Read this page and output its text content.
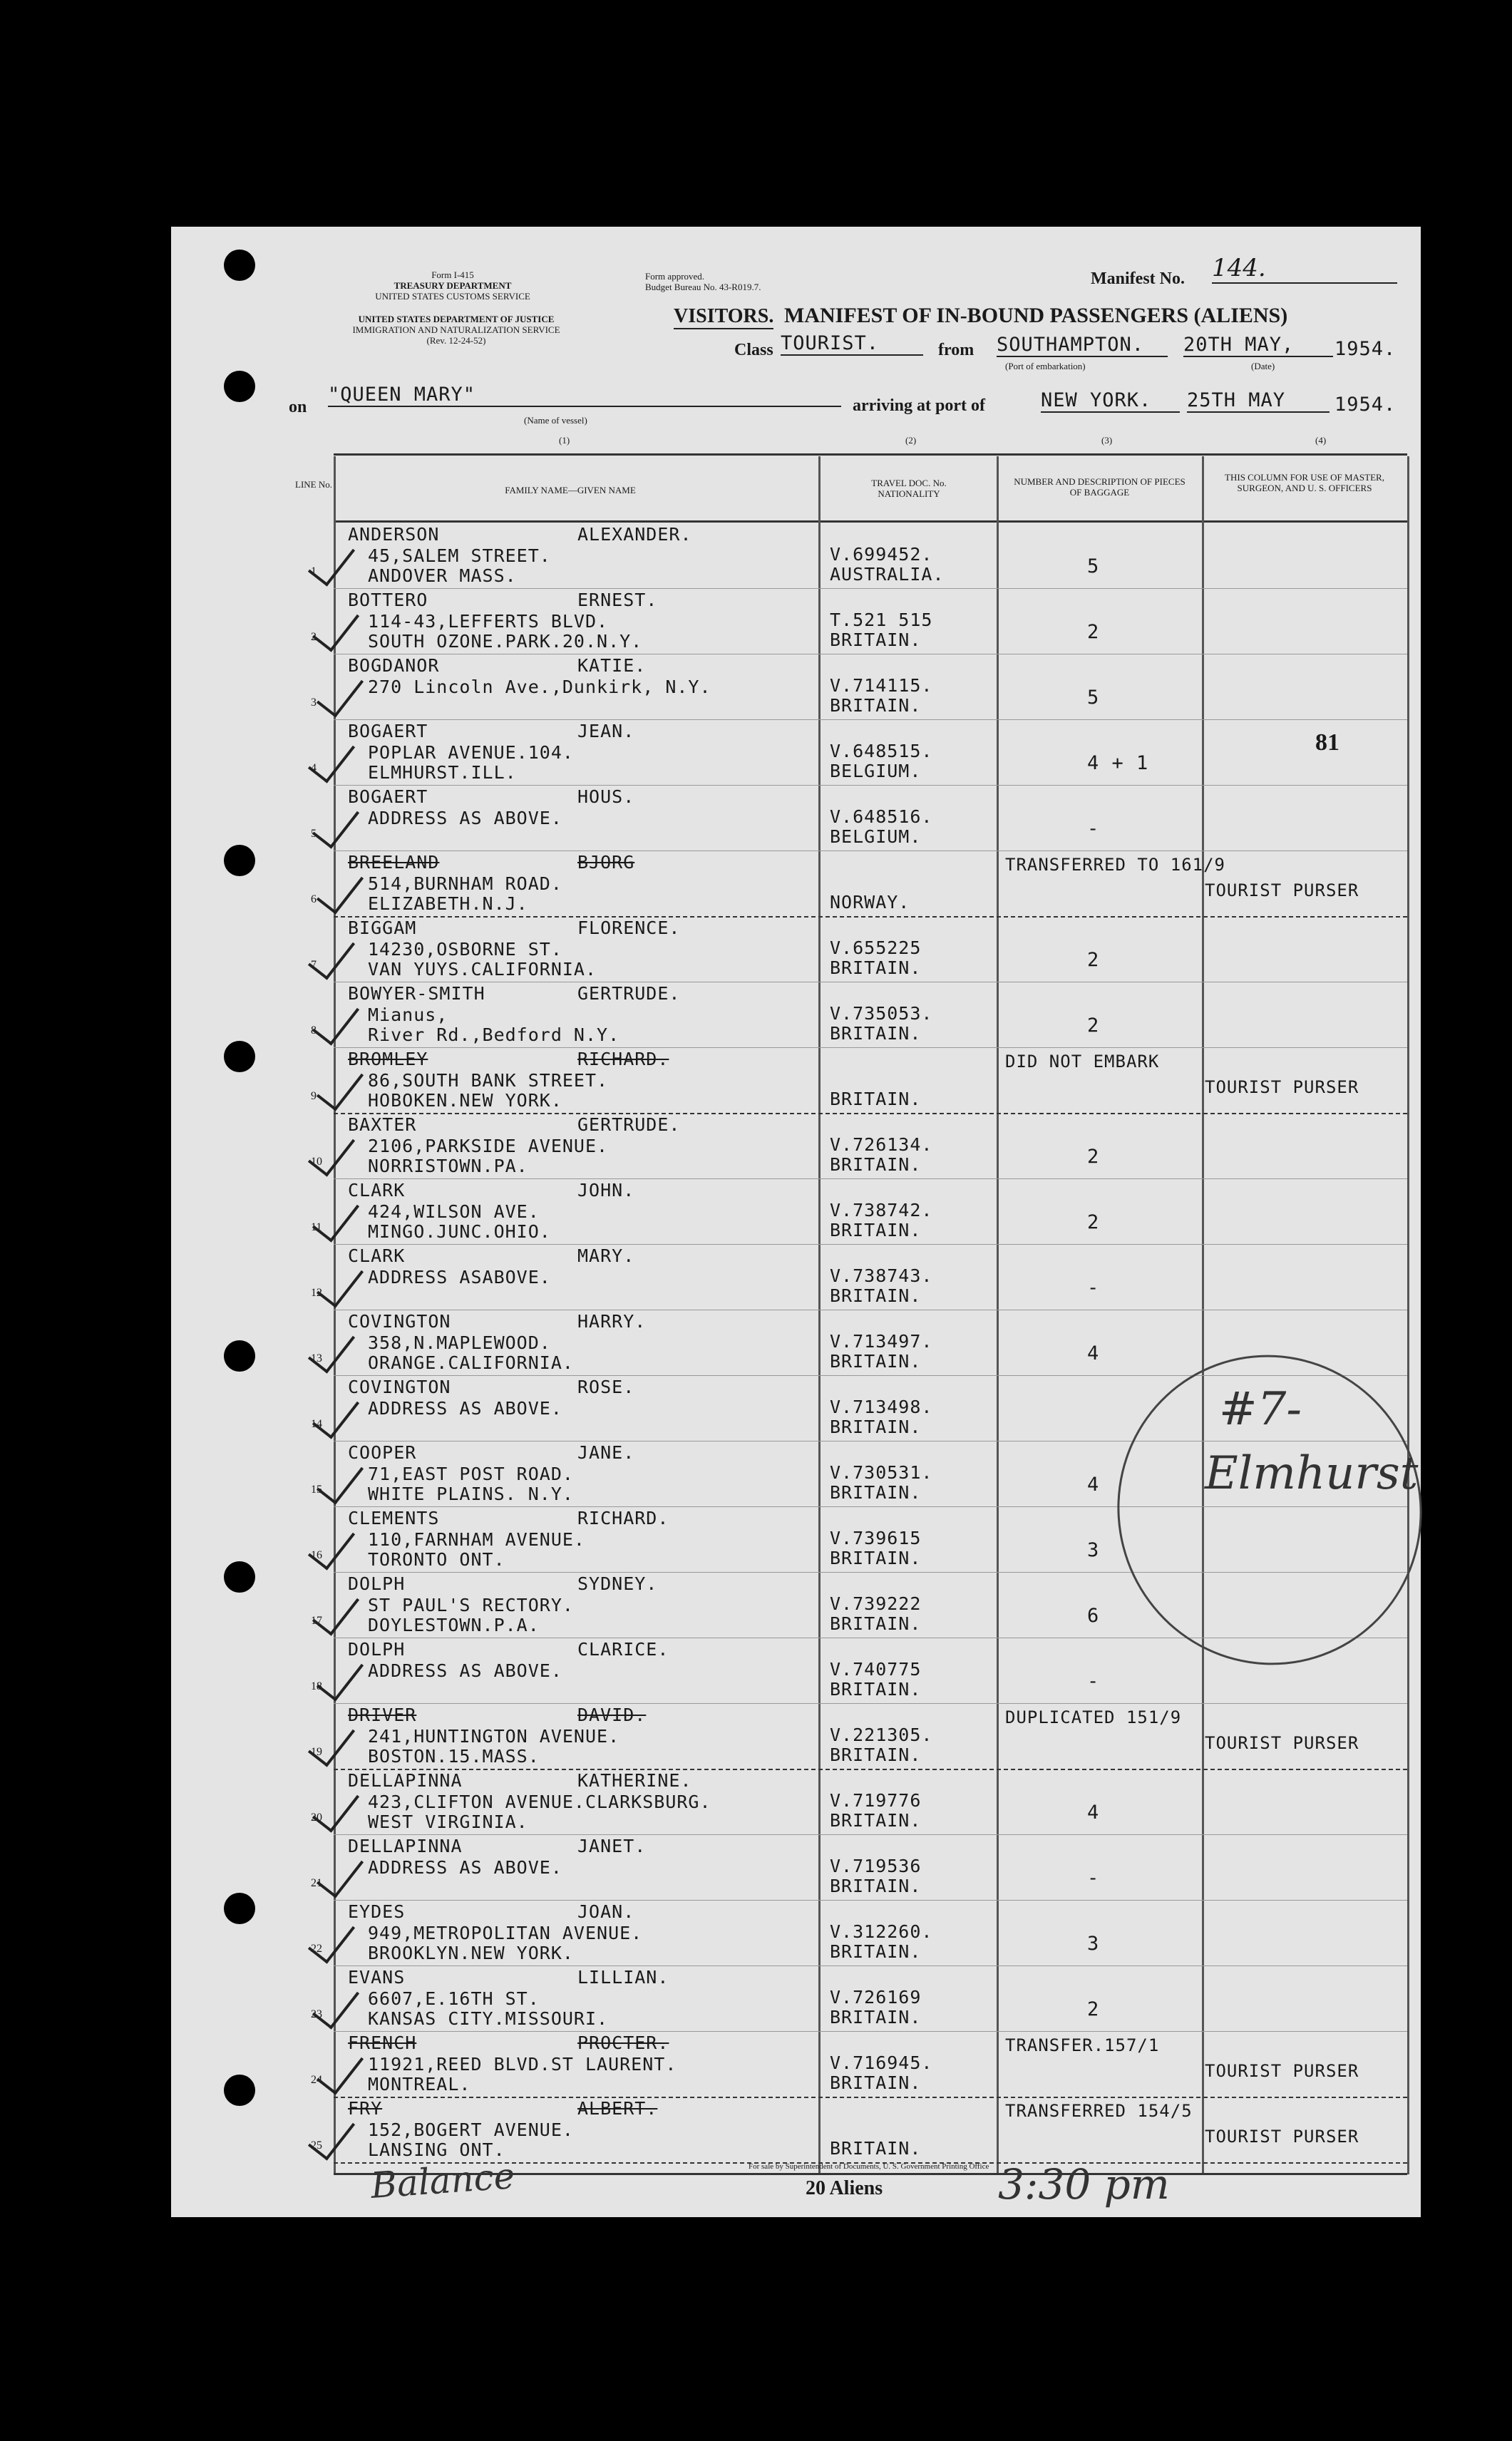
Form I-415
TREASURY DEPARTMENT
UNITED STATES CUSTOMS SERVICE
UNITED STATES DEPARTMENT OF JUSTICE
IMMIGRATION AND NATURALIZATION SERVICE
(Rev. 12-24-52)
Form approved.
Budget Bureau No. 43-R019.7.	Manifest No. 144.
VISITORS. MANIFEST OF IN-BOUND PASSENGERS (ALIENS)
Class TOURIST.	from SOUTHAMPTON.	20TH MAY,	1954.
(Port of embarkation)	(Date)
on
"QUEEN MARY"
(Name of vessel)
arriving at port of	NEW YORK.	25TH MAY	1954.
(1)	(2)	(3)	(4)
LINE No.
FAMILY NAME—GIVEN NAME
TRAVEL DOC. No. NATIONALITY
NUMBER AND DESCRIPTION OF PIECES OF BAGGAGE
THIS COLUMN FOR USE OF MASTER, SURGEON, AND U. S. OFFICERS
1
ANDERSON	ALEXANDER.
45,SALEM STREET.
ANDOVER MASS.
V.699452.
AUSTRALIA.	5
2
BOTTERO	ERNEST.
114-43,LEFFERTS BLVD.
SOUTH OZONE.PARK.20.N.Y.
T.521 515
BRITAIN.	2
3
BOGDANOR	KATIE.
270 Lincoln Ave.,Dunkirk, N.Y.	V.714115.
BRITAIN.	5
4
BOGAERT	JEAN.
POPLAR AVENUE.104.
ELMHURST.ILL.
V.648515.
BELGIUM.	4 + 1
81
5
BOGAERT	HOUS.
ADDRESS AS ABOVE.	V.648516.
BELGIUM.	-
6
BREELAND	BJORG
514,BURNHAM ROAD.
ELIZABETH.N.J.	NORWAY.
TRANSFERRED TO 161/9
TOURIST PURSER
7
BIGGAM	FLORENCE.
14230,OSBORNE ST.
VAN YUYS.CALIFORNIA.
V.655225
BRITAIN.	2
8
BOWYER-SMITH	GERTRUDE.
Mianus,
River Rd.,Bedford N.Y.
V.735053.
BRITAIN.	2
9
BROMLEY	RICHARD.
86,SOUTH BANK STREET.
HOBOKEN.NEW YORK.	BRITAIN.
DID NOT EMBARK
TOURIST PURSER
10
BAXTER	GERTRUDE.
2106,PARKSIDE AVENUE.
NORRISTOWN.PA.
V.726134.
BRITAIN.	2
11
CLARK	JOHN.
424,WILSON AVE.
MINGO.JUNC.OHIO.
V.738742.
BRITAIN.	2
12
CLARK	MARY.
ADDRESS ASABOVE.	V.738743.
BRITAIN.	-
13
COVINGTON	HARRY.
358,N.MAPLEWOOD.
ORANGE.CALIFORNIA.
V.713497.
BRITAIN.	4
14
COVINGTON	ROSE.
ADDRESS AS ABOVE.	V.713498.
BRITAIN.
15
COOPER	JANE.
71,EAST POST ROAD.
WHITE PLAINS. N.Y.
V.730531.
BRITAIN.	4
16
CLEMENTS	RICHARD.
110,FARNHAM AVENUE.
TORONTO ONT.
V.739615
BRITAIN.	3
17
DOLPH	SYDNEY.
ST PAUL'S RECTORY.
DOYLESTOWN.P.A.
V.739222
BRITAIN.	6
18
DOLPH	CLARICE.
ADDRESS AS ABOVE.	V.740775
BRITAIN.	-
19
DRIVER	DAVID.
241,HUNTINGTON AVENUE.
BOSTON.15.MASS.
V.221305.
BRITAIN.
DUPLICATED 151/9
TOURIST PURSER
20
DELLAPINNA	KATHERINE.
423,CLIFTON AVENUE.CLARKSBURG.
WEST VIRGINIA.
V.719776
BRITAIN.	4
21
DELLAPINNA	JANET.
ADDRESS AS ABOVE.	V.719536
BRITAIN.	-
22
EYDES	JOAN.
949,METROPOLITAN AVENUE.
BROOKLYN.NEW YORK.
V.312260.
BRITAIN.	3
23
EVANS	LILLIAN.
6607,E.16TH ST.
KANSAS CITY.MISSOURI.
V.726169
BRITAIN.	2
24
FRENCH	PROCTER.
11921,REED BLVD.ST LAURENT.
MONTREAL.
V.716945.
BRITAIN.
TRANSFER.157/1
TOURIST PURSER
25
FRY	ALBERT.
152,BOGERT AVENUE.
LANSING ONT.	BRITAIN.
TRANSFERRED 154/5
TOURIST PURSER
#7-
Elmhurst
For sale by Superintendent of Documents, U. S. Government Printing Office
20 Aliens	3:30 pm
Balance
